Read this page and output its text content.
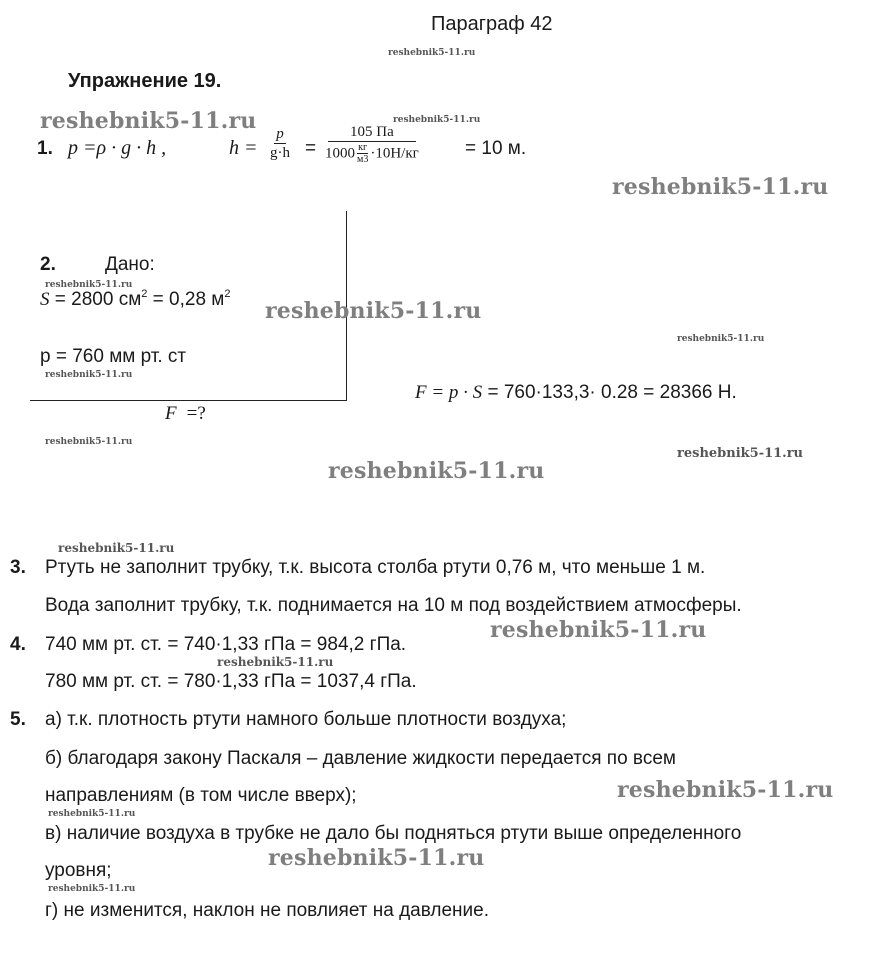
Параграф 42
reshebnik5-11.ru
Упражнение 19.
reshebnik5-11.ru	reshebnik5-11.ru
reshebnik5-11.ru
1. p =ρ · g · h ,	$h = \frac{p}{g\cdot h} = 105$ Па
1000 кг
м3 ·10Н/кг = 10 м.
2.	Дано:
reshebnik5-11.ru
S = 2800 $см^2 = 0,28$ $м^2$
reshebnik5-11.ru
reshebnik5-11.ru
p = 760 мм рт. ст
reshebnik5-11.ru
F = p · S = 760·133,3· 0.28 = 28366 Н.
F =?
reshebnik5-11.ru
reshebnik5-11.ru
reshebnik5-11.ru
reshebnik5-11.ru
3. Ртуть не заполнит трубку, т.к. высота столба ртути 0,76 м, что меньше 1 м.
Вода заполнит трубку, т.к. поднимается на 10 м под воздействием атмосферы.
4. 740 мм рт. ст. = 740·1,33 гПа = 984,2 гПа.
reshebnik5-11.ru
reshebnik5-11.ru
780 мм рт. ст. = 780·1,33 гПа = 1037,4 гПа.
5. а) т.к. плотность ртути намного больше плотности воздуха;
б) благодаря закону Паскаля – давление жидкости передается по всем
направлениям (в том числе вверх);	reshebnik5-11.ru
reshebnik5-11.ru
в) наличие воздуха в трубке не дало бы подняться ртути выше определенного
reshebnik5-11.ru
уровня;
reshebnik5-11.ru
г) не изменится, наклон не повлияет на давление.
